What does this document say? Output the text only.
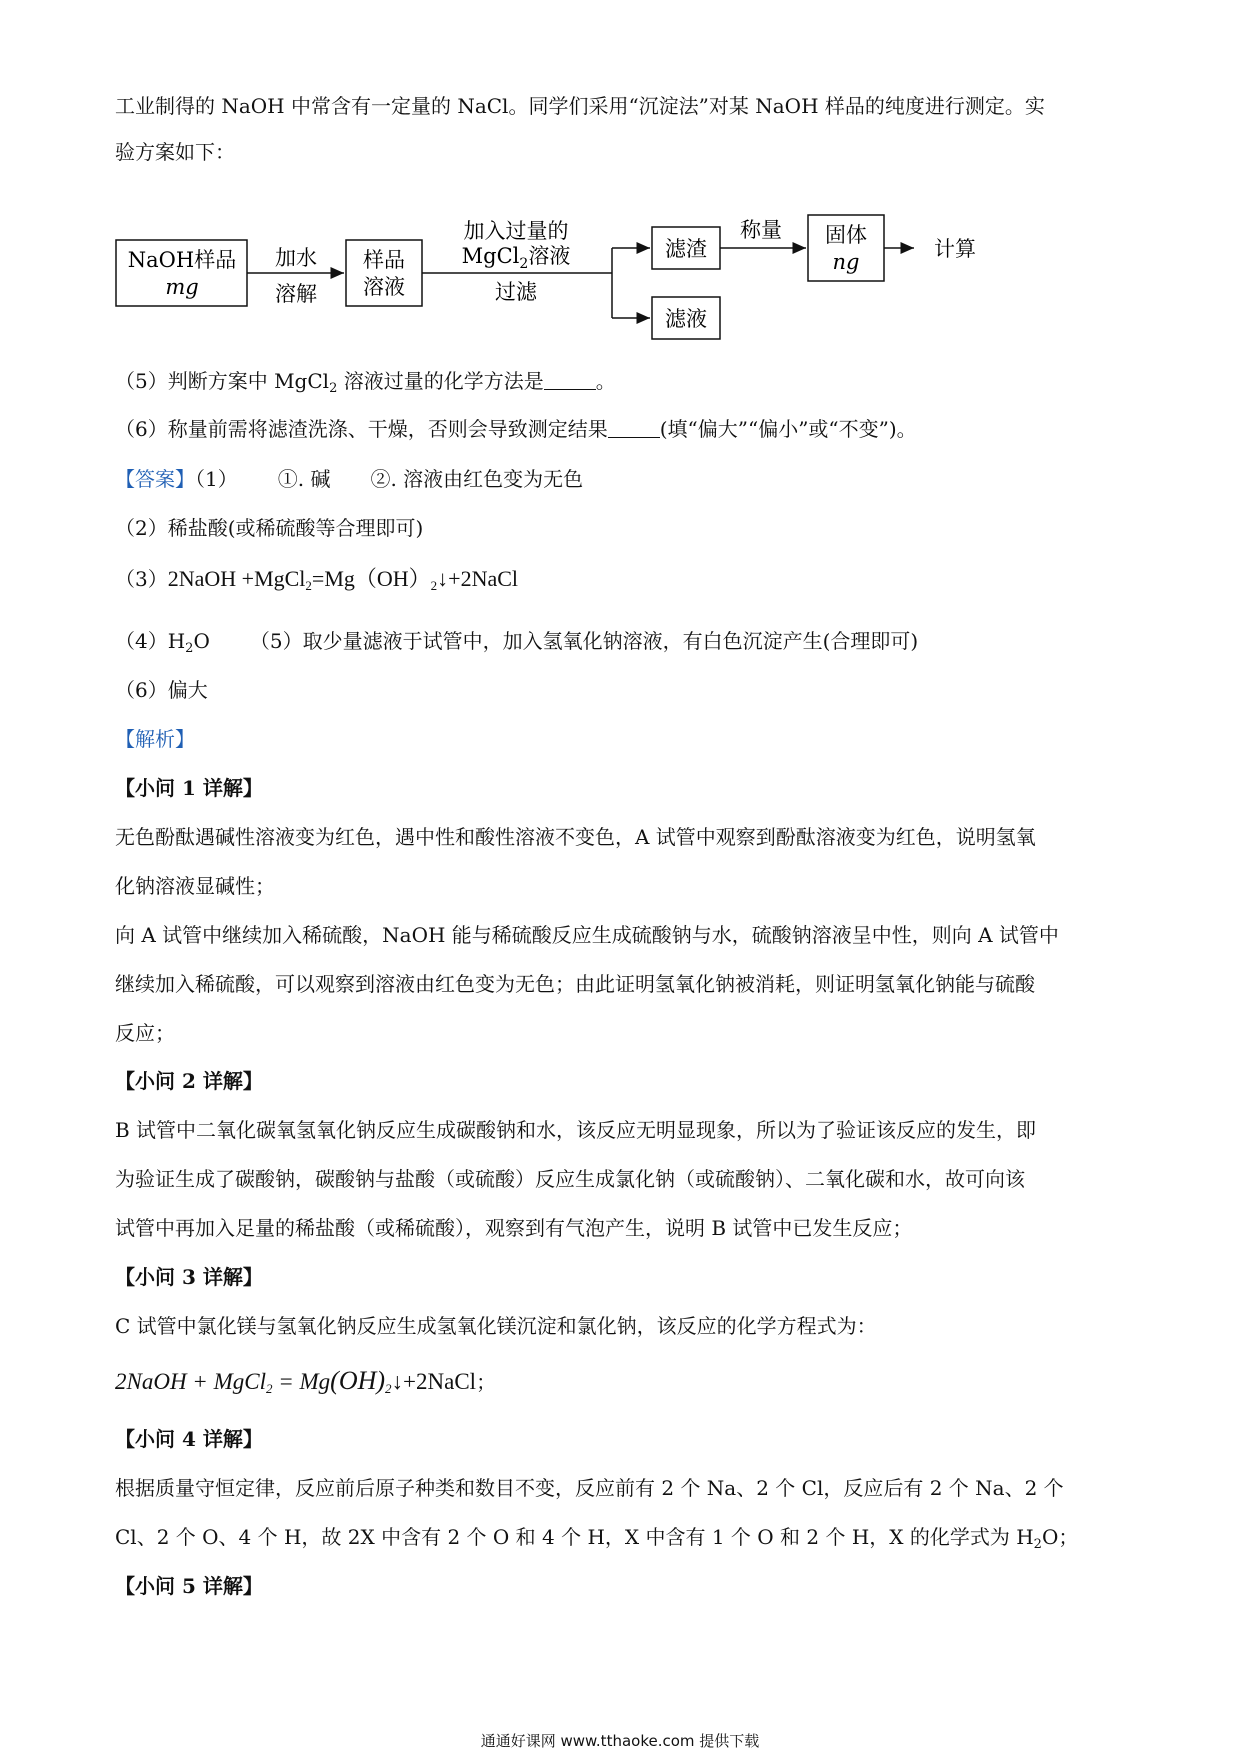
工业制得的 NaOH 中常含有一定量的 NaCl。同学们采用“沉淀法”对某 NaOH 样品的纯度进行测定。实
验方案如下：
NaOH样品
mg
加水
溶解
样品
溶液
加入过量的
MgCl$_2$溶液
过滤
滤渣
滤液
称量 固体
ng
计算
（5）判断方案中 MgCl$_2$ 溶液过量的化学方法是	。
（6）称量前需将滤渣洗涤、干燥，否则会导致测定结果	(填“偏大”“偏小”或“不变”)。
【答案】（1） ①. 碱 ②. 溶液由红色变为无色
（2）稀盐酸(或稀硫酸等合理即可)
（3）2NaOH $+MgCl_2=Mg(OH)_2↓+2NaCl$
$(4)H_2O$ （5）取少量滤液于试管中，加入氢氧化钠溶液，有白色沉淀产生(合理即可)
（6）偏大
【解析】
【小问 1 详解】
无色酚酞遇碱性溶液变为红色，遇中性和酸性溶液不变色，A 试管中观察到酚酞溶液变为红色，说明氢氧
化钠溶液显碱性；
向 A 试管中继续加入稀硫酸，NaOH 能与稀硫酸反应生成硫酸钠与水，硫酸钠溶液呈中性，则向 A 试管中
继续加入稀硫酸，可以观察到溶液由红色变为无色；由此证明氢氧化钠被消耗，则证明氢氧化钠能与硫酸
反应；
【小问 2 详解】
B 试管中二氧化碳氧氢氧化钠反应生成碳酸钠和水，该反应无明显现象，所以为了验证该反应的发生，即
为验证生成了碳酸钠，碳酸钠与盐酸（或硫酸）反应生成氯化钠（或硫酸钠）、二氧化碳和水，故可向该
试管中再加入足量的稀盐酸（或稀硫酸），观察到有气泡产生，说明 B 试管中已发生反应；
【小问 3 详解】
C 试管中氯化镁与氢氧化钠反应生成氢氧化镁沉淀和氯化钠，该反应的化学方程式为：
2NaOH + MgCl$_2$ = $Mg(OH)_2↓+2NaCl$；
【小问 4 详解】
根据质量守恒定律，反应前后原子种类和数目不变，反应前有 2 个 Na、2 个 Cl，反应后有 2 个 Na、2 个
Cl、2 个 O、4 个 H，故 2X 中含有 2 个 O 和 4 个 H，X 中含有 1 个 O 和 2 个 H，X 的化学式为 $H_2O$；
【小问 5 详解】
通通好课网 www.tthaoke.com 提供下载
